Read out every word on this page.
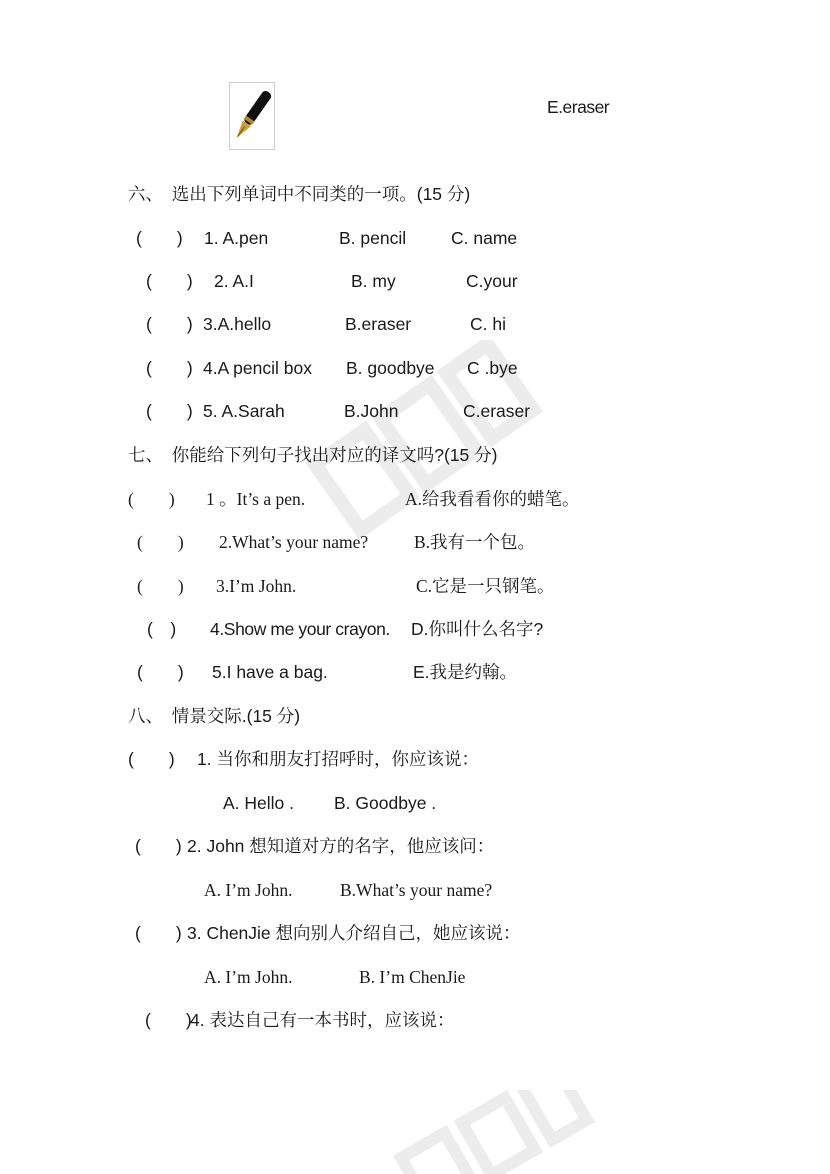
E.eraser
六、　选出下列单词中不同类的一项。(15 分)
(　　) 1. A.pen	B. pencil	C. name
(　　) 2. A.I	B. my	C.your
(　　) 3.A.hello	B.eraser	C. hi
(　　) 4.A pencil box B. goodbye C .bye
(　　) 5. A.Sarah	B.John	C.eraser
七、　你能给下列句子找出对应的译文吗?(15 分)
(　　) 1 。It’s a pen.	A.给我看看你的蜡笔。
(　　) 2.What’s your name?	B.我有一个包。
(　　) 3.I’m John.	C.它是一只钢笔。
(　) 4.Show me your crayon. D.你叫什么名字?
(　　) 5.I have a bag.	E.我是约翰。
八、　情景交际.(15 分)
(　　) 1. 当你和朋友打招呼时，你应该说：
A. Hello . B. Goodbye .
(　　) 2. John 想知道对方的名字，他应该问：
A. I’m John.	B.What’s your name?
(　　) 3. ChenJie 想向别人介绍自己，她应该说：
A. I’m John.	B. I’m ChenJie
(　　)
4. 表达自己有一本书时，应该说：
